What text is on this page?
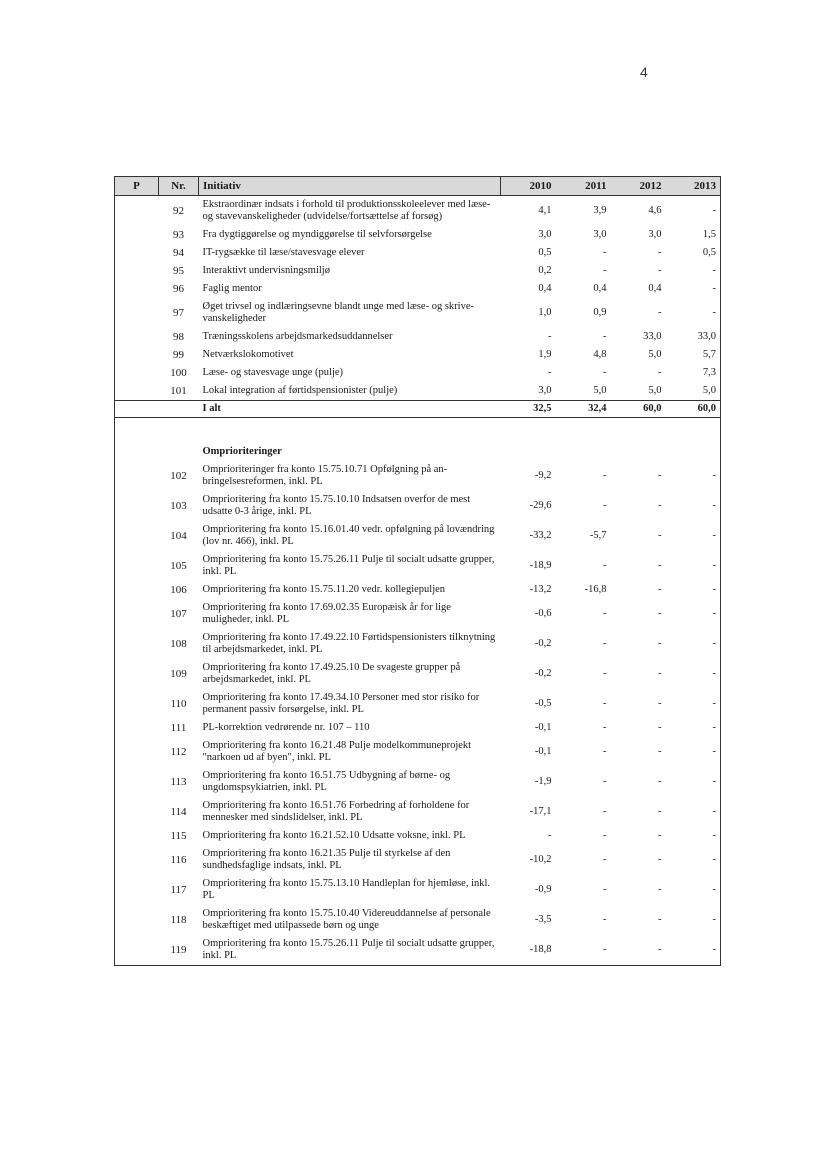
4
P	Nr.	Initiativ	2010	2011	2012	2013
	92	Ekstraordinær indsats i forhold til produktionsskoleelever med læse- og stavevanskeligheder (udvidelse/fortsættelse af forsøg)	4,1	3,9	4,6	-
	93	Fra dygtiggørelse og myndiggørelse til selvforsørgelse	3,0	3,0	3,0	1,5
	94	IT-rygsække til læse/stavesvage elever	0,5	-	-	0,5
	95	Interaktivt undervisningsmiljø	0,2	-	-	-
	96	Faglig mentor	0,4	0,4	0,4	-
	97	Øget trivsel og indlæringsevne blandt unge med læse- og skrive-vanskeligheder	1,0	0,9	-	-
	98	Træningsskolens arbejdsmarkedsuddannelser	-	-	33,0	33,0
	99	Netværkslokomotivet	1,9	4,8	5,0	5,7
	100	Læse- og stavesvage unge (pulje)	-	-	-	7,3
	101	Lokal integration af førtidspensionister (pulje)	3,0	5,0	5,0	5,0
		I alt	32,5	32,4	60,0	60,0

		Omprioriteringer				
	102	Omprioriteringer fra konto 15.75.10.71 Opfølgning på an-bringelsesreformen, inkl. PL	-9,2	-	-	-
	103	Omprioritering fra konto 15.75.10.10 Indsatsen overfor de mest udsatte 0-3 årige, inkl. PL	-29,6	-	-	-
	104	Omprioritering fra konto 15.16.01.40 vedr. opfølgning på lovændring (lov nr. 466), inkl. PL	-33,2	-5,7	-	-
	105	Omprioritering fra konto 15.75.26.11 Pulje til socialt udsatte grupper, inkl. PL	-18,9	-	-	-
	106	Omprioritering fra konto 15.75.11.20 vedr. kollegiepuljen	-13,2	-16,8	-	-
	107	Omprioritering fra konto 17.69.02.35 Europæisk år for lige muligheder, inkl. PL	-0,6	-	-	-
	108	Omprioritering fra konto 17.49.22.10 Førtidspensionisters tilknytning til arbejdsmarkedet, inkl. PL	-0,2	-	-	-
	109	Omprioritering fra konto 17.49.25.10 De svageste grupper på arbejdsmarkedet, inkl. PL	-0,2	-	-	-
	110	Omprioritering fra konto 17.49.34.10 Personer med stor risiko for permanent passiv forsørgelse, inkl. PL	-0,5	-	-	-
	111	PL-korrektion vedrørende nr. 107 – 110	-0,1	-	-	-
	112	Omprioritering fra konto 16.21.48 Pulje modelkommuneprojekt "narkoen ud af byen", inkl. PL	-0,1	-	-	-
	113	Omprioritering fra konto 16.51.75 Udbygning af børne- og ungdomspsykiatrien, inkl. PL	-1,9	-	-	-
	114	Omprioritering fra konto 16.51.76 Forbedring af forholdene for mennesker med sindslidelser, inkl. PL	-17,1	-	-	-
	115	Omprioritering fra konto 16.21.52.10 Udsatte voksne, inkl. PL	-	-	-	-
	116	Omprioritering fra konto 16.21.35 Pulje til styrkelse af den sundhedsfaglige indsats, inkl. PL	-10,2	-	-	-
	117	Omprioritering fra konto 15.75.13.10 Handleplan for hjemløse, inkl. PL	-0,9	-	-	-
	118	Omprioritering fra konto 15.75.10.40 Videreuddannelse af personale beskæftiget med utilpassede børn og unge	-3,5	-	-	-
	119	Omprioritering fra konto 15.75.26.11 Pulje til socialt udsatte grupper, inkl. PL	-18,8	-	-	-
